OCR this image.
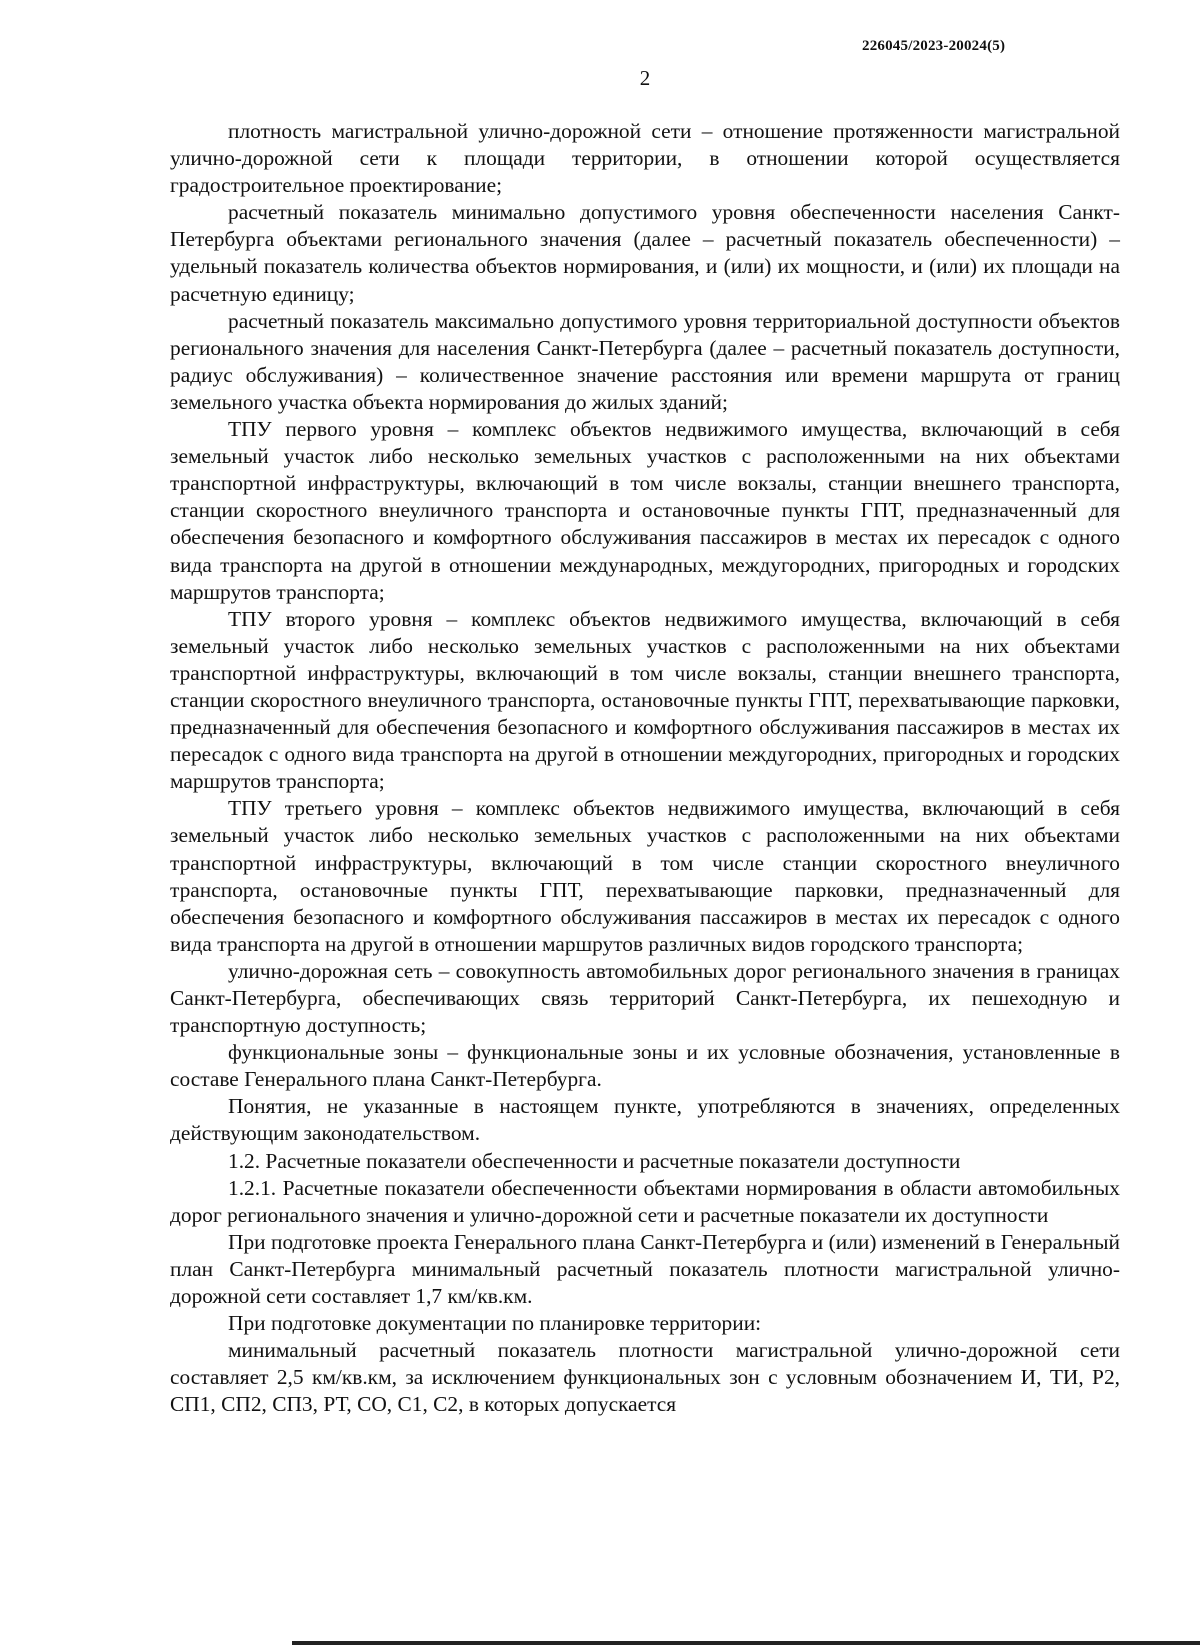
226045/2023-20024(5)
2

плотность магистральной улично-дорожной сети – отношение протяженности магистральной улично-дорожной сети к площади территории, в отношении которой осуществляется градостроительное проектирование;

расчетный показатель минимально допустимого уровня обеспеченности населения Санкт-Петербурга объектами регионального значения (далее – расчетный показатель обеспеченности) – удельный показатель количества объектов нормирования, и (или) их мощности, и (или) их площади на расчетную единицу;

расчетный показатель максимально допустимого уровня территориальной доступности объектов регионального значения для населения Санкт-Петербурга (далее – расчетный показатель доступности, радиус обслуживания) – количественное значение расстояния или времени маршрута от границ земельного участка объекта нормирования до жилых зданий;

ТПУ первого уровня – комплекс объектов недвижимого имущества, включающий в себя земельный участок либо несколько земельных участков с расположенными на них объектами транспортной инфраструктуры, включающий в том числе вокзалы, станции внешнего транспорта, станции скоростного внеуличного транспорта и остановочные пункты ГПТ, предназначенный для обеспечения безопасного и комфортного обслуживания пассажиров в местах их пересадок с одного вида транспорта на другой в отношении международных, междугородних, пригородных и городских маршрутов транспорта;

ТПУ второго уровня – комплекс объектов недвижимого имущества, включающий в себя земельный участок либо несколько земельных участков с расположенными на них объектами транспортной инфраструктуры, включающий в том числе вокзалы, станции внешнего транспорта, станции скоростного внеуличного транспорта, остановочные пункты ГПТ, перехватывающие парковки, предназначенный для обеспечения безопасного и комфортного обслуживания пассажиров в местах их пересадок с одного вида транспорта на другой в отношении междугородних, пригородных и городских маршрутов транспорта;

ТПУ третьего уровня – комплекс объектов недвижимого имущества, включающий в себя земельный участок либо несколько земельных участков с расположенными на них объектами транспортной инфраструктуры, включающий в том числе станции скоростного внеуличного транспорта, остановочные пункты ГПТ, перехватывающие парковки, предназначенный для обеспечения безопасного и комфортного обслуживания пассажиров в местах их пересадок с одного вида транспорта на другой в отношении маршрутов различных видов городского транспорта;

улично-дорожная сеть – совокупность автомобильных дорог регионального значения в границах Санкт-Петербурга, обеспечивающих связь территорий Санкт-Петербурга, их пешеходную и транспортную доступность;

функциональные зоны – функциональные зоны и их условные обозначения, установленные в составе Генерального плана Санкт-Петербурга.

Понятия, не указанные в настоящем пункте, употребляются в значениях, определенных действующим законодательством.

1.2. Расчетные показатели обеспеченности и расчетные показатели доступности

1.2.1. Расчетные показатели обеспеченности объектами нормирования в области автомобильных дорог регионального значения и улично-дорожной сети и расчетные показатели их доступности

При подготовке проекта Генерального плана Санкт-Петербурга и (или) изменений в Генеральный план Санкт-Петербурга минимальный расчетный показатель плотности магистральной улично-дорожной сети составляет 1,7 км/кв.км.

При подготовке документации по планировке территории:

минимальный расчетный показатель плотности магистральной улично-дорожной сети составляет 2,5 км/кв.км, за исключением функциональных зон с условным обозначением И, ТИ, Р2, СП1, СП2, СП3, РТ, СО, С1, С2, в которых допускается
